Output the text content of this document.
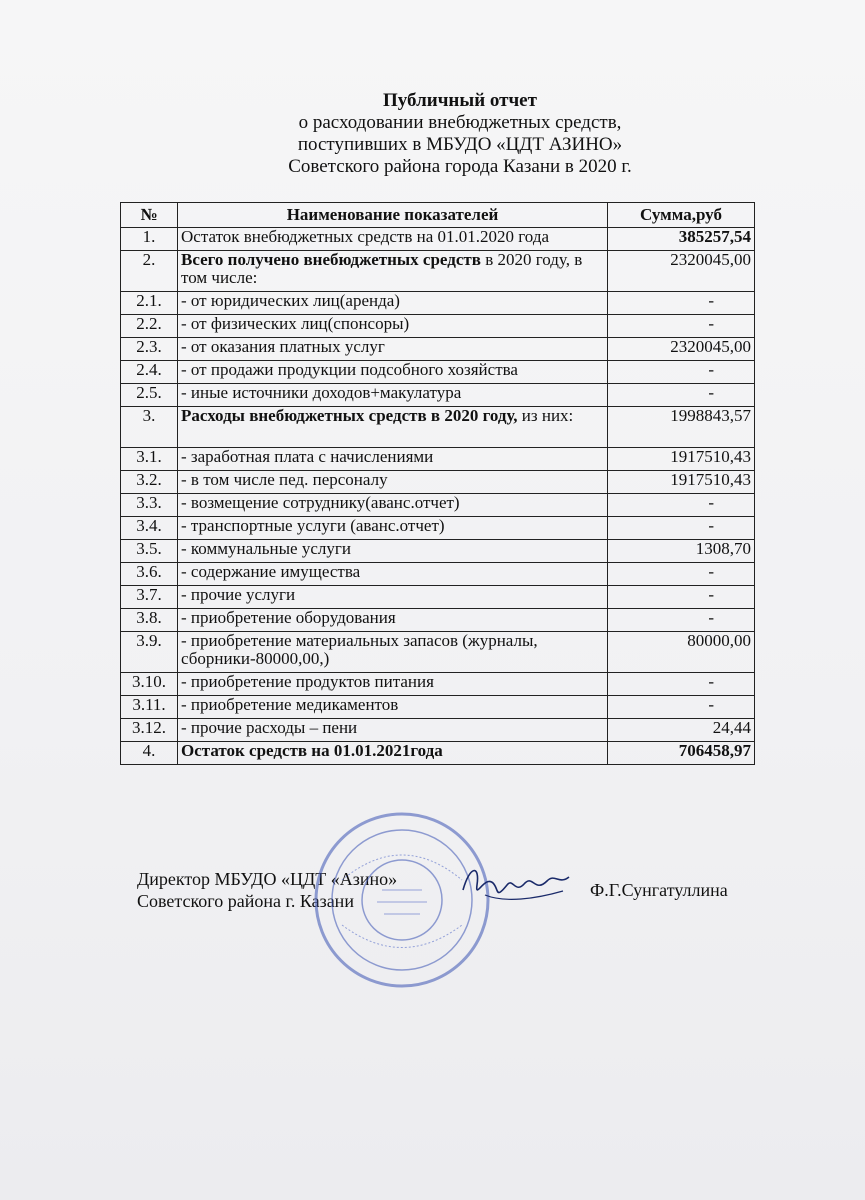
Публичный отчет
о расходовании внебюджетных средств,
поступивших в МБУДО «ЦДТ АЗИНО»
Советского района города Казани в 2020 г.
№	Наименование показателей	Сумма,руб
1.	Остаток внебюджетных средств на 01.01.2020 года	385257,54
2.	Всего получено внебюджетных средств в 2020 году, в том числе:	2320045,00
2.1.	- от юридических лиц(аренда)	-
2.2.	- от физических лиц(спонсоры)	-
2.3.	- от оказания платных услуг	2320045,00
2.4.	- от продажи продукции подсобного хозяйства	-
2.5.	- иные источники доходов+макулатура	-
3.	Расходы внебюджетных средств в 2020 году, из них:	1998843,57
3.1.	- заработная плата с начислениями	1917510,43
3.2.	- в том числе пед. персоналу	1917510,43
3.3.	- возмещение сотруднику(аванс.отчет)	-
3.4.	- транспортные услуги (аванс.отчет)	-
3.5.	- коммунальные услуги	1308,70
3.6.	- содержание имущества	-
3.7.	- прочие услуги	-
3.8.	- приобретение оборудования	-
3.9.	- приобретение материальных запасов (журналы, сборники-80000,00,)	80000,00
3.10.	- приобретение продуктов питания	-
3.11.	- приобретение медикаментов	-
3.12.	- прочие расходы – пени	24,44
4.	Остаток средств на 01.01.2021года	706458,97
Директор МБУДО «ЦДТ «Азино»
Советского района г. Казани
Ф.Г.Сунгатуллина
